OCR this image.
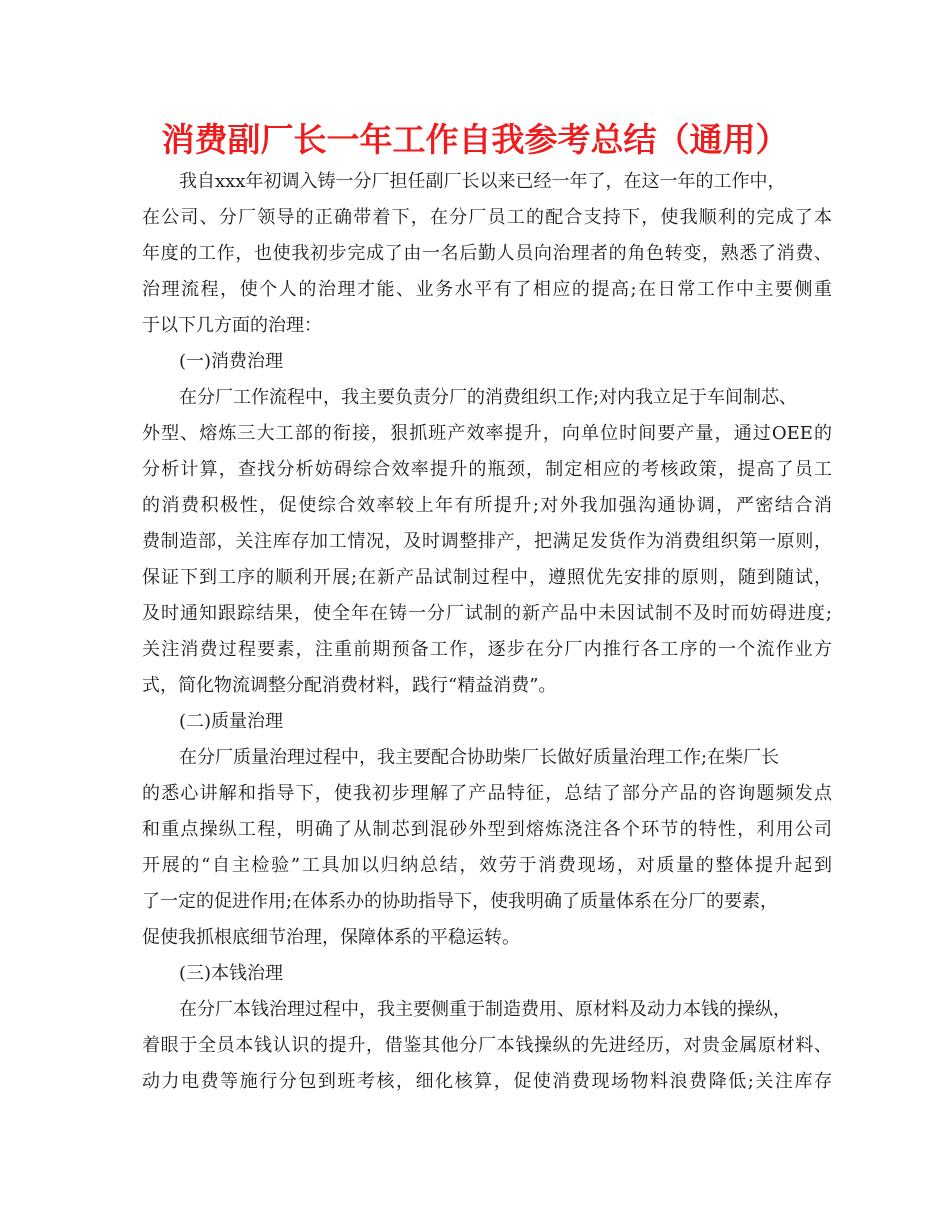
消费副厂长一年工作自我参考总结（通用）
我自xxx年初调入铸一分厂担任副厂长以来已经一年了，在这一年的工作中，
在公司、分厂领导的正确带着下，在分厂员工的配合支持下，使我顺利的完成了本
年度的工作，也使我初步完成了由一名后勤人员向治理者的角色转变，熟悉了消费、
治理流程，使个人的治理才能、业务水平有了相应的提高;在日常工作中主要侧重
于以下几方面的治理：
(一)消费治理
在分厂工作流程中，我主要负责分厂的消费组织工作;对内我立足于车间制芯、
外型、熔炼三大工部的衔接，狠抓班产效率提升，向单位时间要产量，通过OEE的
分析计算，查找分析妨碍综合效率提升的瓶颈，制定相应的考核政策，提高了员工
的消费积极性，促使综合效率较上年有所提升;对外我加强沟通协调，严密结合消
费制造部，关注库存加工情况，及时调整排产，把满足发货作为消费组织第一原则，
保证下到工序的顺利开展;在新产品试制过程中，遵照优先安排的原则，随到随试，
及时通知跟踪结果，使全年在铸一分厂试制的新产品中未因试制不及时而妨碍进度;
关注消费过程要素，注重前期预备工作，逐步在分厂内推行各工序的一个流作业方
式，简化物流调整分配消费材料，践行“精益消费”。
(二)质量治理
在分厂质量治理过程中，我主要配合协助柴厂长做好质量治理工作;在柴厂长
的悉心讲解和指导下，使我初步理解了产品特征，总结了部分产品的咨询题频发点
和重点操纵工程，明确了从制芯到混砂外型到熔炼浇注各个环节的特性，利用公司
开展的“自主检验”工具加以归纳总结，效劳于消费现场，对质量的整体提升起到
了一定的促进作用;在体系办的协助指导下，使我明确了质量体系在分厂的要素，
促使我抓根底细节治理，保障体系的平稳运转。
(三)本钱治理
在分厂本钱治理过程中，我主要侧重于制造费用、原材料及动力本钱的操纵，
着眼于全员本钱认识的提升，借鉴其他分厂本钱操纵的先进经历，对贵金属原材料、
动力电费等施行分包到班考核，细化核算，促使消费现场物料浪费降低;关注库存
